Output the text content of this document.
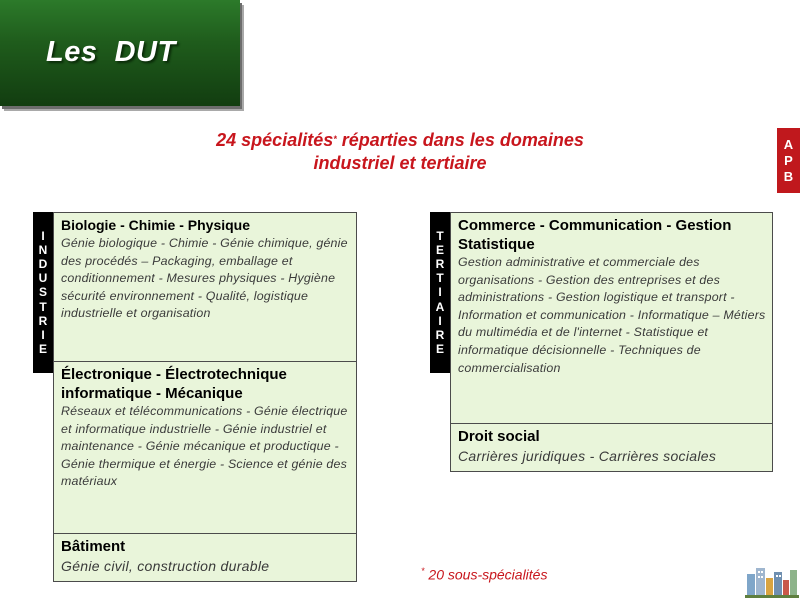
Les  DUT
24 spécialités* réparties dans les domaines
industriel et tertiaire
A
P
B
I
N
D
U
S
T
R
I
E
Biologie - Chimie - Physique
Génie biologique - Chimie - Génie chimique, génie des procédés – Packaging, emballage et conditionnement - Mesures physiques - Hygiène sécurité environnement - Qualité, logistique industrielle et organisation
Électronique - Électrotechnique informatique - Mécanique
Réseaux et télécommunications - Génie électrique et informatique industrielle - Génie industriel et maintenance - Génie mécanique et productique - Génie thermique et énergie - Science et génie des matériaux
Bâtiment
Génie civil, construction durable
T
E
R
T
I
A
I
R
E
Commerce - Communication - Gestion Statistique
Gestion administrative et commerciale des organisations - Gestion des entreprises et des administrations - Gestion logistique et transport - Information et communication - Informatique – Métiers du multimédia et de l'internet - Statistique et informatique décisionnelle - Techniques de commercialisation
Droit social
Carrières juridiques - Carrières sociales
* 20 sous-spécialités
